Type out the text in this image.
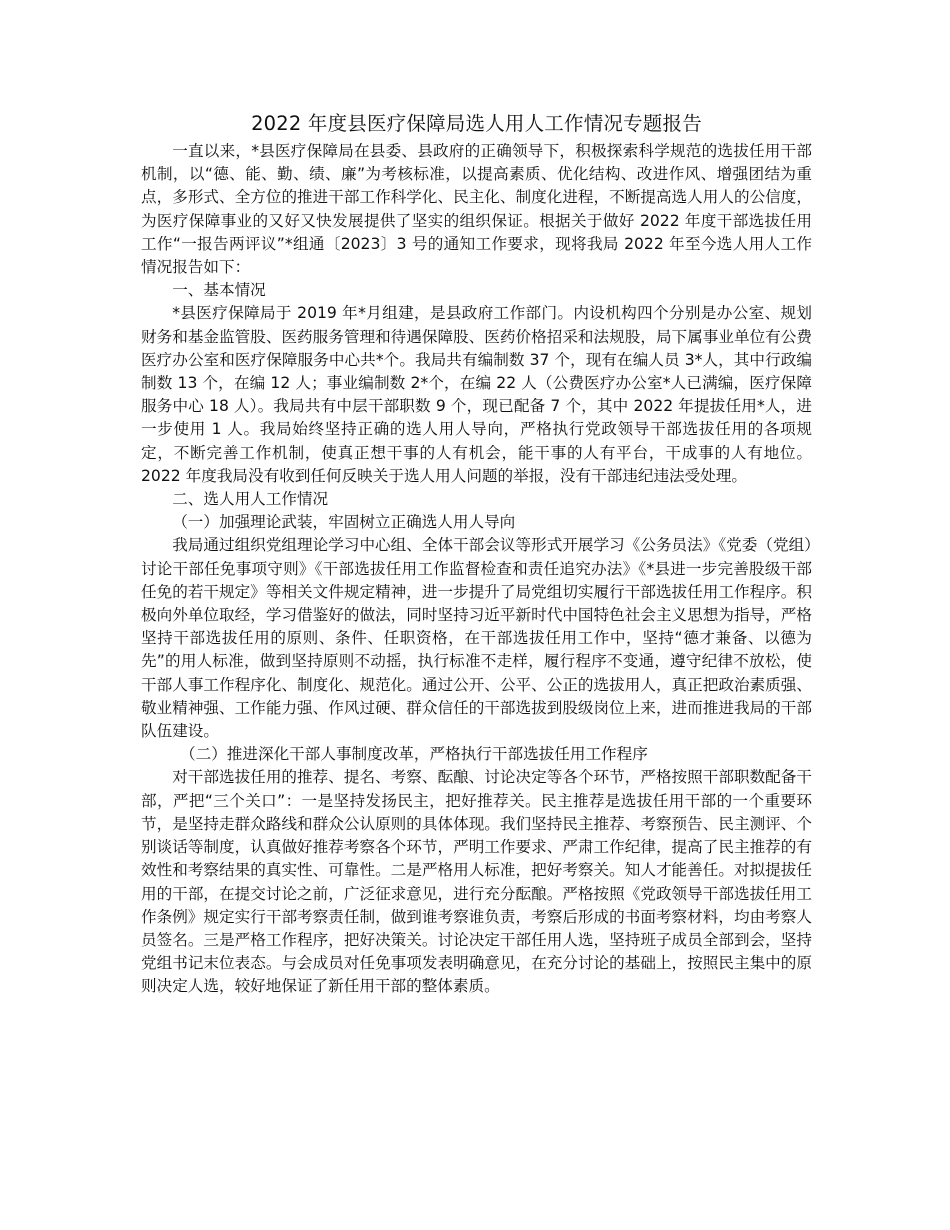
2022 年度县医疗保障局选人用人工作情况专题报告

一直以来，*县医疗保障局在县委、县政府的正确领导下，积极探索科学规范的选拔任用干部机制，以“德、能、勤、绩、廉”为考核标准，以提高素质、优化结构、改进作风、增强团结为重点，多形式、全方位的推进干部工作科学化、民主化、制度化进程，不断提高选人用人的公信度，为医疗保障事业的又好又快发展提供了坚实的组织保证。根据关于做好 2022 年度干部选拔任用工作“一报告两评议”*组通〔2023〕3 号的通知工作要求，现将我局 2022 年至今选人用人工作情况报告如下：

一、基本情况

*县医疗保障局于 2019 年*月组建，是县政府工作部门。内设机构四个分别是办公室、规划财务和基金监管股、医药服务管理和待遇保障股、医药价格招采和法规股，局下属事业单位有公费医疗办公室和医疗保障服务中心共*个。我局共有编制数 37 个，现有在编人员 3*人，其中行政编制数 13 个，在编 12 人；事业编制数 2*个，在编 22 人（公费医疗办公室*人已满编，医疗保障服务中心 18 人）。我局共有中层干部职数 9 个，现已配备 7 个，其中 2022 年提拔任用*人，进一步使用 1 人。我局始终坚持正确的选人用人导向，严格执行党政领导干部选拔任用的各项规定，不断完善工作机制，使真正想干事的人有机会，能干事的人有平台，干成事的人有地位。2022 年度我局没有收到任何反映关于选人用人问题的举报，没有干部违纪违法受处理。

二、选人用人工作情况

（一）加强理论武装，牢固树立正确选人用人导向

我局通过组织党组理论学习中心组、全体干部会议等形式开展学习《公务员法》《党委（党组）讨论干部任免事项守则》《干部选拔任用工作监督检查和责任追究办法》《*县进一步完善股级干部任免的若干规定》等相关文件规定精神，进一步提升了局党组切实履行干部选拔任用工作程序。积极向外单位取经，学习借鉴好的做法，同时坚持习近平新时代中国特色社会主义思想为指导，严格坚持干部选拔任用的原则、条件、任职资格，在干部选拔任用工作中，坚持“德才兼备、以德为先”的用人标准，做到坚持原则不动摇，执行标准不走样，履行程序不变通，遵守纪律不放松，使干部人事工作程序化、制度化、规范化。通过公开、公平、公正的选拔用人，真正把政治素质强、敬业精神强、工作能力强、作风过硬、群众信任的干部选拔到股级岗位上来，进而推进我局的干部队伍建设。

（二）推进深化干部人事制度改革，严格执行干部选拔任用工作程序

对干部选拔任用的推荐、提名、考察、酝酿、讨论决定等各个环节，严格按照干部职数配备干部，严把“三个关口”：一是坚持发扬民主，把好推荐关。民主推荐是选拔任用干部的一个重要环节，是坚持走群众路线和群众公认原则的具体体现。我们坚持民主推荐、考察预告、民主测评、个别谈话等制度，认真做好推荐考察各个环节，严明工作要求、严肃工作纪律，提高了民主推荐的有效性和考察结果的真实性、可靠性。二是严格用人标准，把好考察关。知人才能善任。对拟提拔任用的干部，在提交讨论之前，广泛征求意见，进行充分酝酿。严格按照《党政领导干部选拔任用工作条例》规定实行干部考察责任制，做到谁考察谁负责，考察后形成的书面考察材料，均由考察人员签名。三是严格工作程序，把好决策关。讨论决定干部任用人选，坚持班子成员全部到会，坚持党组书记末位表态。与会成员对任免事项发表明确意见，在充分讨论的基础上，按照民主集中的原则决定人选，较好地保证了新任用干部的整体素质。
